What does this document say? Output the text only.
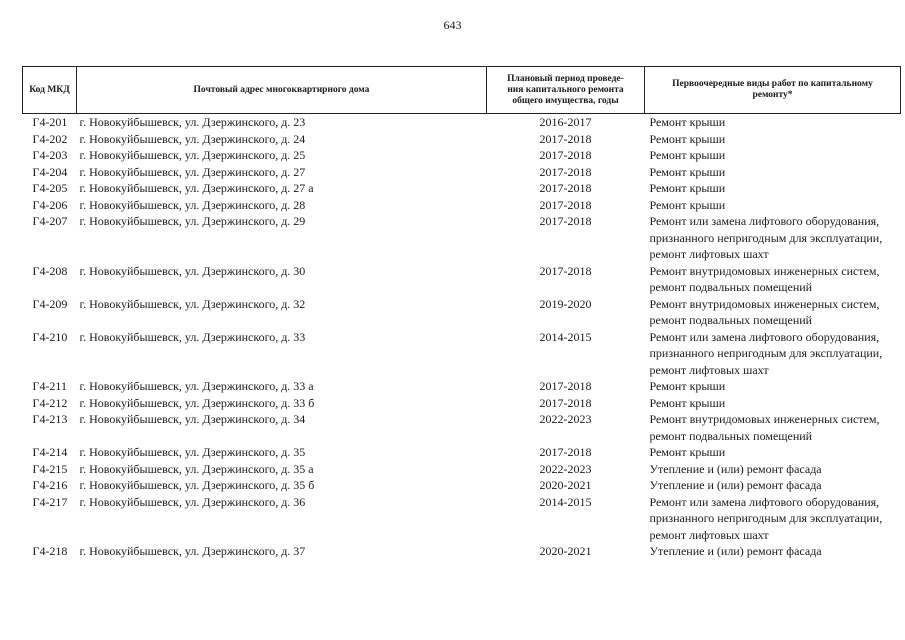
643
Код МКД	Почтовый адрес многоквартирного дома	Плановый период проведе-
ния капитального ремонта
общего имущества, годы	Первоочередные виды работ по капитальному
ремонту*

Г4-201	г. Новокуйбышевск, ул. Дзержинского, д. 23	2016-2017	Ремонт крыши

Г4-202	г. Новокуйбышевск, ул. Дзержинского, д. 24	2017-2018	Ремонт крыши

Г4-203	г. Новокуйбышевск, ул. Дзержинского, д. 25	2017-2018	Ремонт крыши

Г4-204	г. Новокуйбышевск, ул. Дзержинского, д. 27	2017-2018	Ремонт крыши

Г4-205	г. Новокуйбышевск, ул. Дзержинского, д. 27 а	2017-2018	Ремонт крыши

Г4-206	г. Новокуйбышевск, ул. Дзержинского, д. 28	2017-2018	Ремонт крыши

Г4-207	г. Новокуйбышевск, ул. Дзержинского, д. 29	2017-2018	Ремонт или замена лифтового оборудования,
признанного непригодным для эксплуатации,
ремонт лифтовых шахт

Г4-208	г. Новокуйбышевск, ул. Дзержинского, д. 30	2017-2018	Ремонт внутридомовых инженерных систем,
ремонт подвальных помещений

Г4-209	г. Новокуйбышевск, ул. Дзержинского, д. 32	2019-2020	Ремонт внутридомовых инженерных систем,
ремонт подвальных помещений

Г4-210	г. Новокуйбышевск, ул. Дзержинского, д. 33	2014-2015	Ремонт или замена лифтового оборудования,
признанного непригодным для эксплуатации,
ремонт лифтовых шахт

Г4-211	г. Новокуйбышевск, ул. Дзержинского, д. 33 а	2017-2018	Ремонт крыши

Г4-212	г. Новокуйбышевск, ул. Дзержинского, д. 33 б	2017-2018	Ремонт крыши

Г4-213	г. Новокуйбышевск, ул. Дзержинского, д. 34	2022-2023	Ремонт внутридомовых инженерных систем,
ремонт подвальных помещений

Г4-214	г. Новокуйбышевск, ул. Дзержинского, д. 35	2017-2018	Ремонт крыши

Г4-215	г. Новокуйбышевск, ул. Дзержинского, д. 35 а	2022-2023	Утепление и (или) ремонт фасада

Г4-216	г. Новокуйбышевск, ул. Дзержинского, д. 35 б	2020-2021	Утепление и (или) ремонт фасада

Г4-217	г. Новокуйбышевск, ул. Дзержинского, д. 36	2014-2015	Ремонт или замена лифтового оборудования,
признанного непригодным для эксплуатации,
ремонт лифтовых шахт

Г4-218	г. Новокуйбышевск, ул. Дзержинского, д. 37	2020-2021	Утепление и (или) ремонт фасада
